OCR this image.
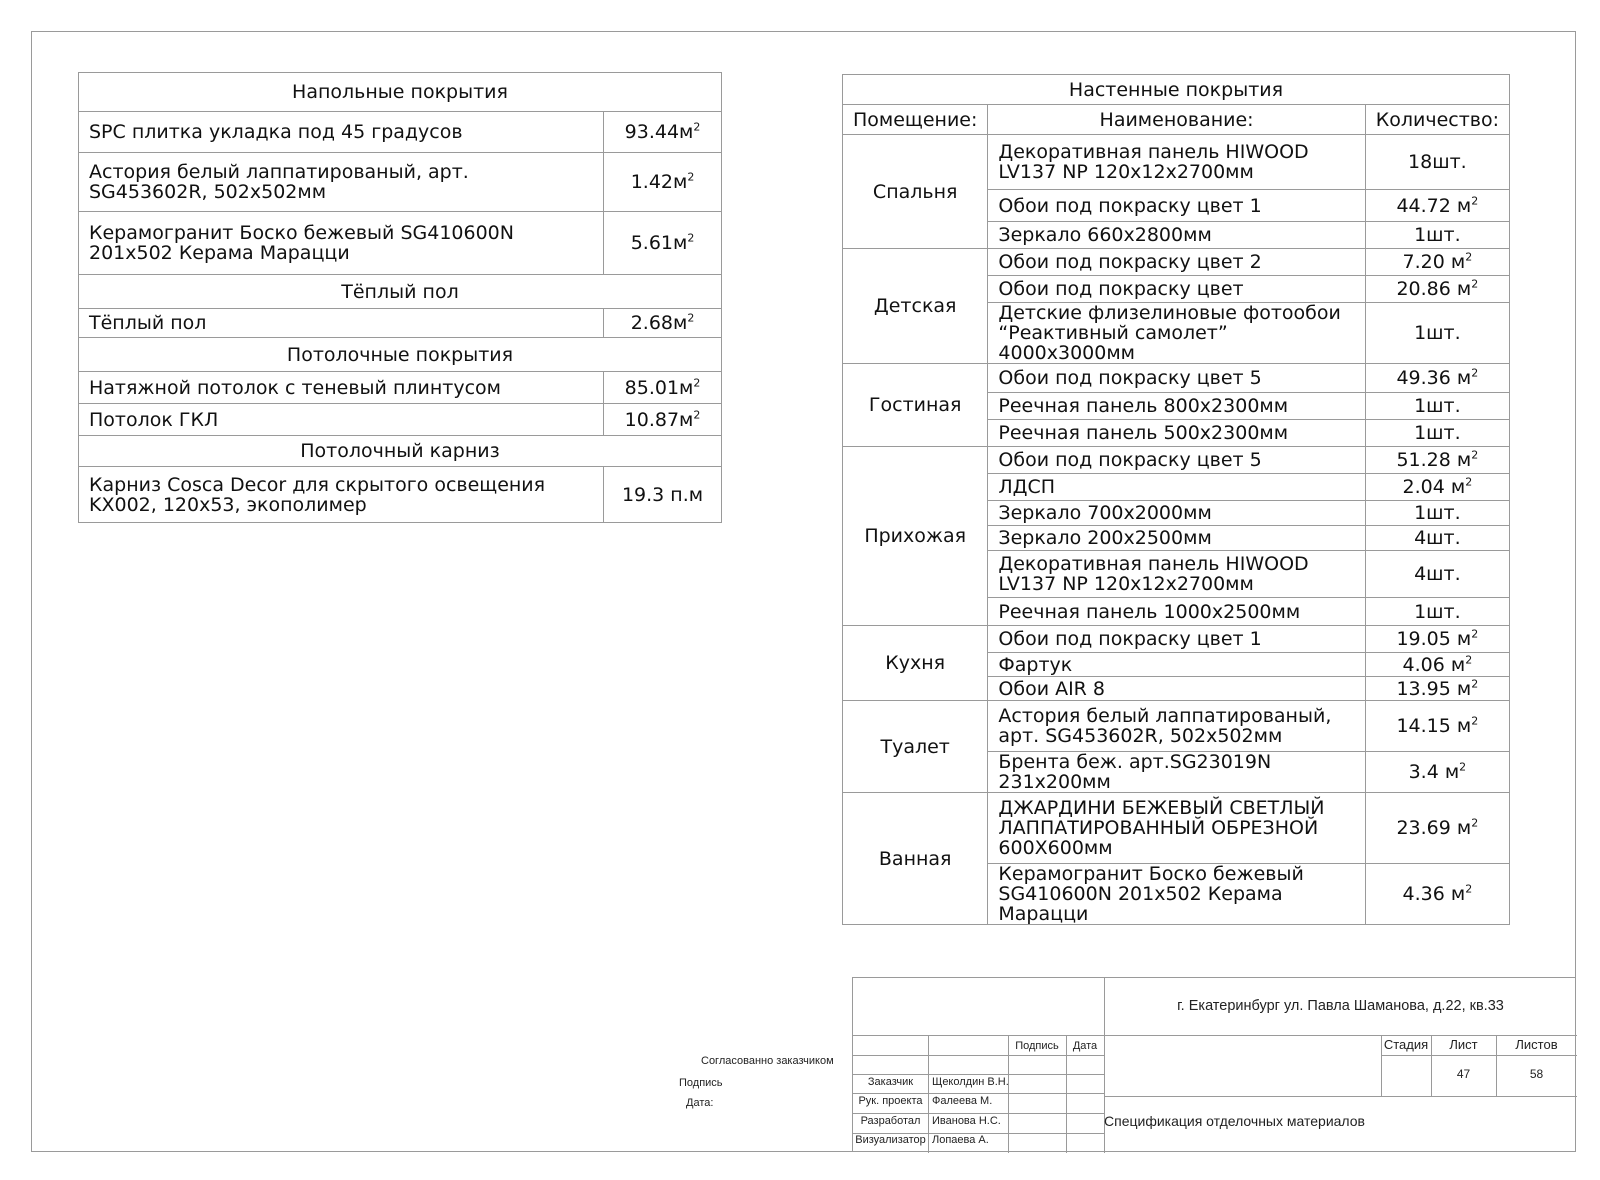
Напольные покрытия	
SPC плитка укладка под 45 градусов	$93.44м^2$
Астория белый лаппатированый, арт. SG453602R, 502x502мм	$1.42м^2$
Керамогранит Боско бежевый SG410600N 201x502 Керама Марацци	$5.61м^2$
Тёплый пол	
Тёплый пол	$2.68м^2$
Потолочные покрытия	
Натяжной потолок с теневый плинтусом	$85.01м^2$
Потолок ГКЛ	$10.87м^2$
Потолочный карниз	
Карниз Cosca Decor для скрытого освещения KX002, 120x53, экополимер	19.3 п.м
Настенные покрытия		
Помещение:	Наименование:	Количество:
Спальня	Декоративная панель HIWOOD LV137 NP 120x12x2700мм	18шт.
	Обои под покраску цвет 1	44.72 $м^2$
	Зеркало 660x2800мм	1шт.
Детская	Обои под покраску цвет 2	7.20 $м^2$
	Обои под покраску цвет	20.86 $м^2$
	Детские флизелиновые фотообои “Реактивный самолет” 4000x3000мм	1шт.
Гостиная	Обои под покраску цвет 5	49.36 $м^2$
	Реечная панель 800x2300мм	1шт.
	Реечная панель 500x2300мм	1шт.
Прихожая	Обои под покраску цвет 5	51.28 $м^2$
	ЛДСП	2.04 $м^2$
	Зеркало 700x2000мм	1шт.
	Зеркало 200x2500мм	4шт.
	Декоративная панель HIWOOD LV137 NP 120x12x2700мм	4шт.
	Реечная панель 1000x2500мм	1шт.
Кухня	Обои под покраску цвет 1	19.05 $м^2$
	Фартук	4.06 $м^2$
	Обои AIR 8	13.95 $м^2$
Туалет	Астория белый лаппатированый, арт. SG453602R, 502x502мм	14.15 $м^2$
	Брента беж. арт.SG23019N 231x200мм	3.4 $м^2$
Ванная	ДЖАРДИНИ БЕЖЕВЫЙ СВЕТЛЫЙ ЛАППАТИРОВАННЫЙ ОБРЕЗНОЙ 600X600мм	23.69 $м^2$
	Керамогранит Боско бежевый SG410600N 201x502 Керама Марацци	4.36 $м^2$
Согласованно заказчиком
Подпись
Дата:
г. Екатеринбург ул. Павла Шаманова, д.22, кв.33
Подпись	Дата	Стадия	Лист	Листов
47	58
Спецификация отделочных материалов
Заказчик	Щеколдин В.Н.
Рук. проекта Фалеева М.
Разработал	Иванова Н.С.
Визуализатор Лопаева А.
